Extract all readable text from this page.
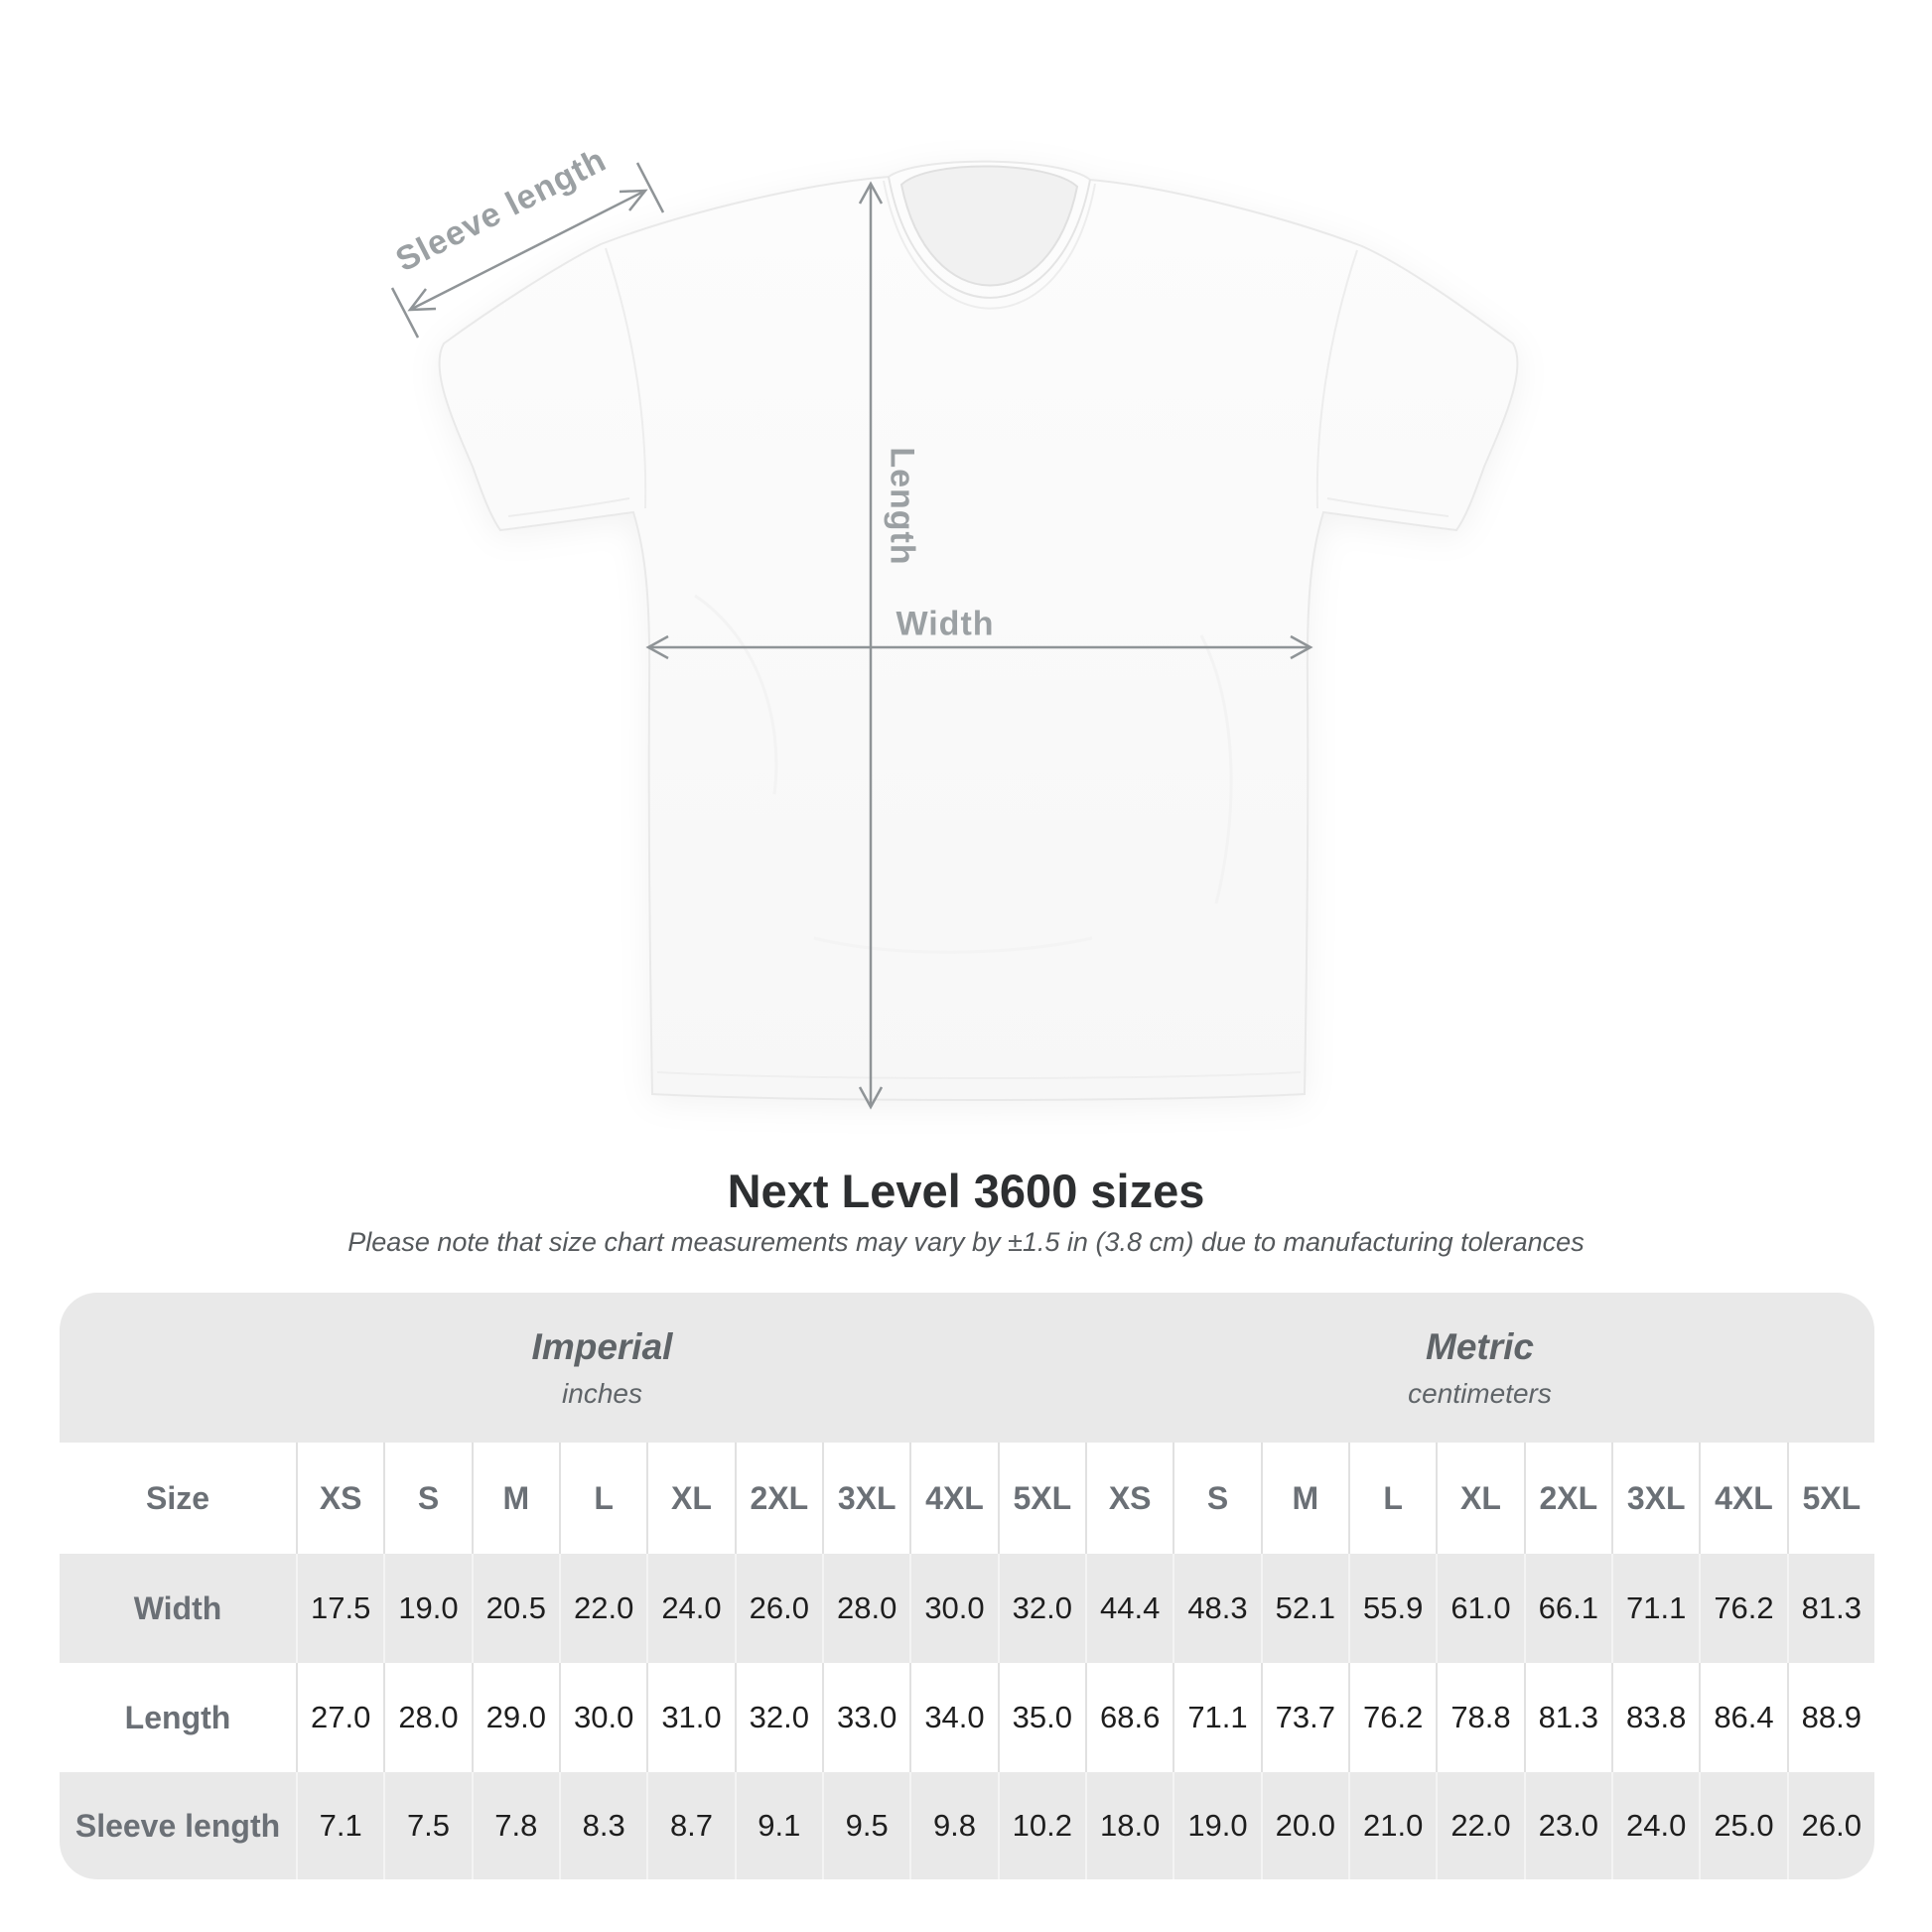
Sleeve length
Length
Width
Next Level 3600 sizes
Please note that size chart measurements may vary by ±1.5 in (3.8 cm) due to manufacturing tolerances
Imperial
inches
Metric
centimeters
Size	XS	S	M	L	XL	2XL 3XL 4XL 5XL	XS	S	M	L	XL	2XL 3XL 4XL 5XL
Width	17.5 19.0 20.5 22.0 24.0 26.0 28.0 30.0 32.0 44.4 48.3 52.1 55.9 61.0 66.1 71.1 76.2 81.3
Length	27.0 28.0 29.0 30.0 31.0 32.0 33.0 34.0 35.0 68.6 71.1 73.7 76.2 78.8 81.3 83.8 86.4 88.9
Sleeve length	7.1	7.5	7.8	8.3	8.7	9.1	9.5	9.8	10.2 18.0 19.0 20.0 21.0 22.0 23.0 24.0 25.0 26.0
